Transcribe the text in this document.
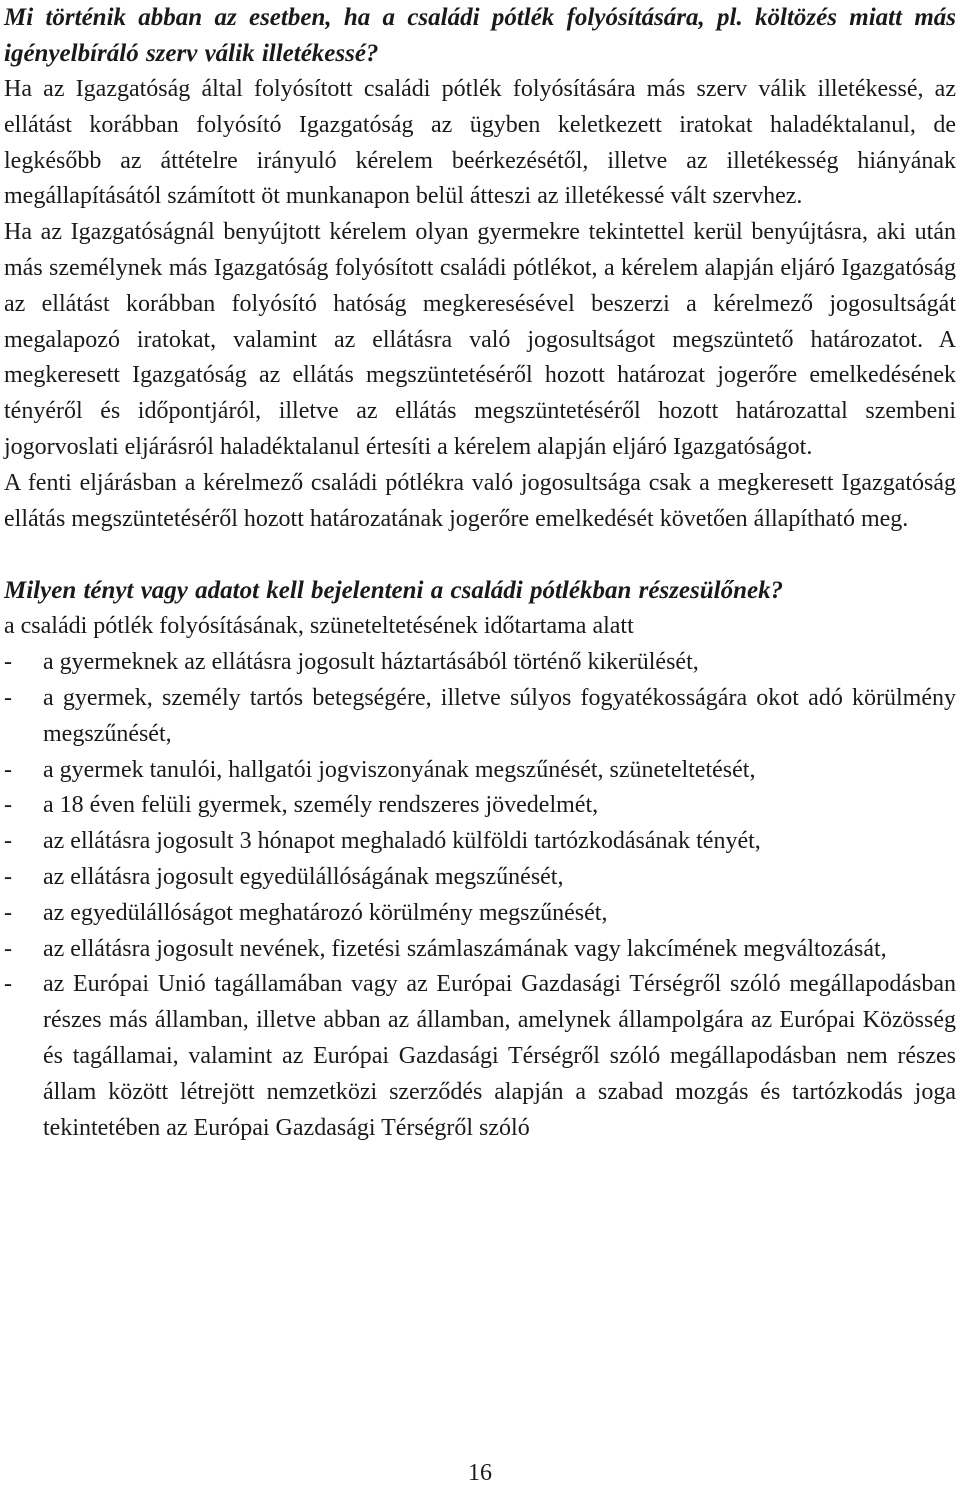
Mi történik abban az esetben, ha a családi pótlék folyósítására, pl. költözés miatt más igényelbíráló szerv válik illetékessé?

Ha az Igazgatóság által folyósított családi pótlék folyósítására más szerv válik illetékessé, az ellátást korábban folyósító Igazgatóság az ügyben keletkezett iratokat haladéktalanul, de legkésőbb az áttételre irányuló kérelem beérkezésétől, illetve az illetékesség hiányának megállapításától számított öt munkanapon belül átteszi az illetékessé vált szervhez.

Ha az Igazgatóságnál benyújtott kérelem olyan gyermekre tekintettel kerül benyújtásra, aki után más személynek más Igazgatóság folyósított családi pótlékot, a kérelem alapján eljáró Igazgatóság az ellátást korábban folyósító hatóság megkeresésével beszerzi a kérelmező jogosultságát megalapozó iratokat, valamint az ellátásra való jogosultságot megszüntető határozatot. A megkeresett Igazgatóság az ellátás megszüntetéséről hozott határozat jogerőre emelkedésének tényéről és időpontjáról, illetve az ellátás megszüntetéséről hozott határozattal szembeni jogorvoslati eljárásról haladéktalanul értesíti a kérelem alapján eljáró Igazgatóságot.

A fenti eljárásban a kérelmező családi pótlékra való jogosultsága csak a megkeresett Igazgatóság ellátás megszüntetéséről hozott határozatának jogerőre emelkedését követően állapítható meg.

Milyen tényt vagy adatot kell bejelenteni a családi pótlékban részesülőnek?

a családi pótlék folyósításának, szüneteltetésének időtartama alatt

- a gyermeknek az ellátásra jogosult háztartásából történő kikerülését,
- a gyermek, személy tartós betegségére, illetve súlyos fogyatékosságára okot adó körülmény megszűnését,
- a gyermek tanulói, hallgatói jogviszonyának megszűnését, szüneteltetését,
- a 18 éven felüli gyermek, személy rendszeres jövedelmét,
- az ellátásra jogosult 3 hónapot meghaladó külföldi tartózkodásának tényét,
- az ellátásra jogosult egyedülállóságának megszűnését,
- az egyedülállóságot meghatározó körülmény megszűnését,
- az ellátásra jogosult nevének, fizetési számlaszámának vagy lakcímének megváltozását,
- az Európai Unió tagállamában vagy az Európai Gazdasági Térségről szóló megállapodásban részes más államban, illetve abban az államban, amelynek állampolgára az Európai Közösség és tagállamai, valamint az Európai Gazdasági Térségről szóló megállapodásban nem részes állam között létrejött nemzetközi szerződés alapján a szabad mozgás és tartózkodás joga tekintetében az Európai Gazdasági Térségről szóló
16
